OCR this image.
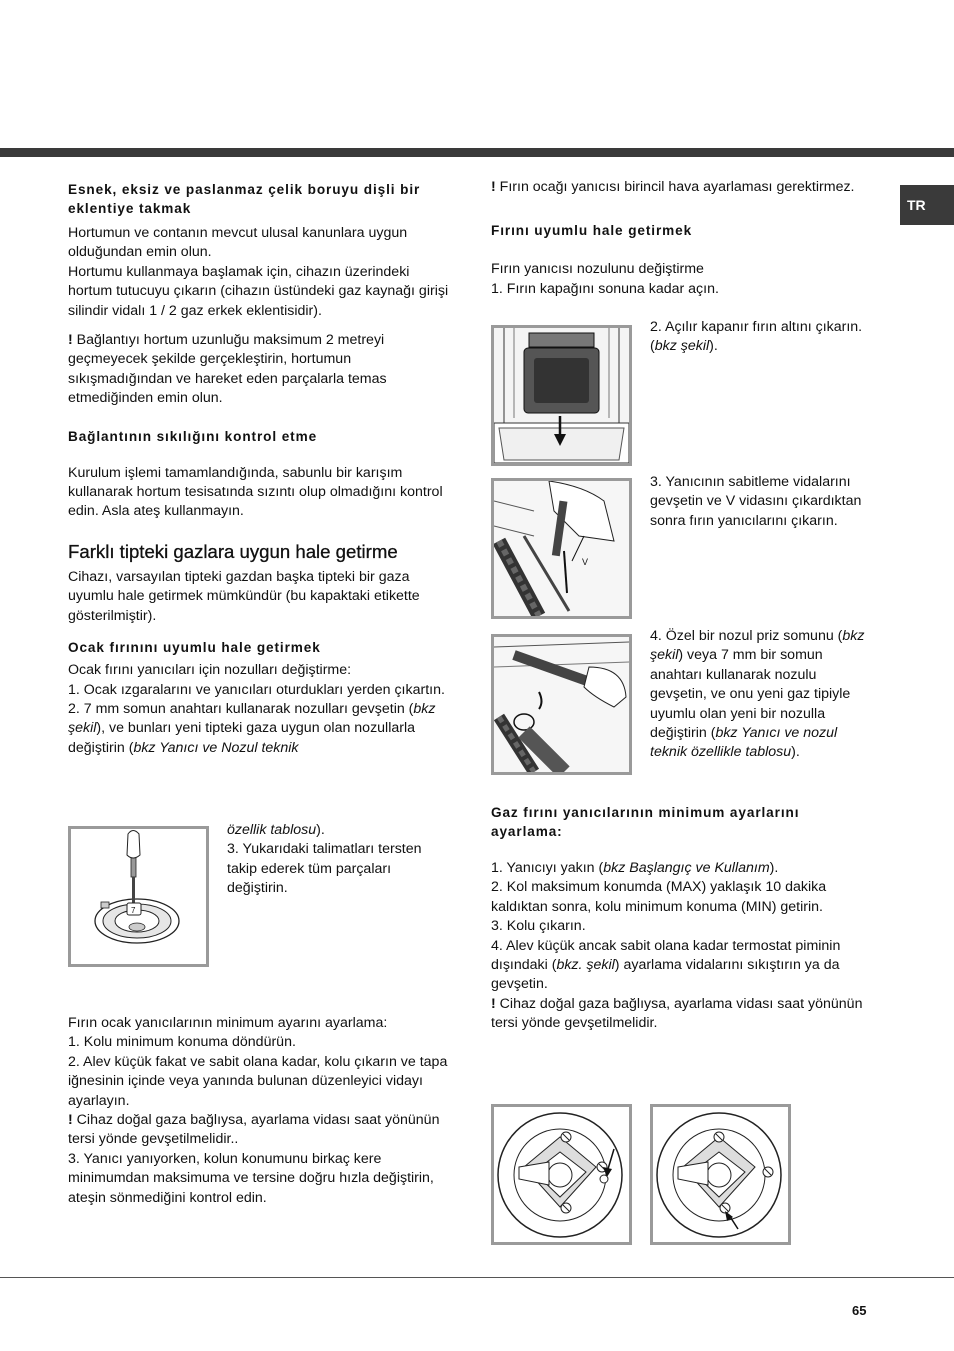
TR
Esnek, eksiz ve paslanmaz çelik boruyu dişli bir eklentiye takmak

Hortumun ve contanın mevcut ulusal kanunlara uygun olduğundan emin olun.

Hortumu kullanmaya başlamak için, cihazın üzerindeki hortum tutucuyu çıkarın (cihazın üstündeki gaz kaynağı girişi silindir vidalı 1 / 2 gaz erkek eklentisidir).

! Bağlantıyı hortum uzunluğu maksimum 2 metreyi geçmeyecek şekilde gerçekleştirin, hortumun sıkışmadığından ve hareket eden parçalarla temas etmediğinden emin olun.

Bağlantının sıkılığını kontrol etme

Kurulum işlemi tamamlandığında, sabunlu bir karışım kullanarak hortum tesisatında sızıntı olup olmadığını kontrol edin. Asla ateş kullanmayın.

Farklı tipteki gazlara uygun hale getirme

Cihazı, varsayılan tipteki gazdan başka tipteki bir gaza uyumlu hale getirmek mümkündür (bu kapaktaki etikette gösterilmiştir).

Ocak fırınını uyumlu hale getirmek

Ocak fırını yanıcıları için nozulları değiştirme:

1. Ocak ızgaralarını ve yanıcıları oturdukları yerden çıkartın.

2. 7 mm somun anahtarı kullanarak nozulları gevşetin (bkz şekil), ve bunları yeni tipteki gaza uygun olan nozullarla değiştirin (bkz Yanıcı ve Nozul teknik

özellik tablosu).

3. Yukarıdaki talimatları tersten takip ederek tüm parçaları değiştirin.

7

Fırın ocak yanıcılarının minimum ayarını ayarlama:

1. Kolu minimum konuma döndürün.

2. Alev küçük fakat ve sabit olana kadar, kolu çıkarın ve tapa iğnesinin içinde veya yanında bulunan düzenleyici vidayı ayarlayın.

! Cihaz doğal gaza bağlıysa, ayarlama vidası saat yönünün tersi yönde gevşetilmelidir..

3. Yanıcı yanıyorken, kolun konumunu birkaç kere minimumdan maksimuma ve tersine doğru hızla değiştirin, ateşin sönmediğini kontrol edin.

! Fırın ocağı yanıcısı birincil hava ayarlaması gerektirmez.

Fırını uyumlu hale getirmek

Fırın yanıcısı nozulunu değiştirme

1. Fırın kapağını sonuna kadar açın.

2. Açılır kapanır fırın altını çıkarın. (bkz şekil).

3. Yanıcının sabitleme vidalarını gevşetin ve V vidasını çıkardıktan sonra fırın yanıcılarını çıkarın.
V

4. Özel bir nozul priz somunu (bkz şekil) veya 7 mm bir somun anahtarı kullanarak nozulu gevşetin, ve onu yeni gaz tipiyle uyumlu olan yeni bir nozulla değiştirin (bkz Yanıcı ve nozul teknik özellikle tablosu).

Gaz fırını yanıcılarının minimum ayarlarını ayarlama:

1. Yanıcıyı yakın (bkz Başlangıç ve Kullanım).

2. Kol maksimum konumda (MAX) yaklaşık 10 dakika kaldıktan sonra, kolu minimum konuma (MIN) getirin.

3. Kolu çıkarın.

4. Alev küçük ancak sabit olana kadar termostat piminin dışındaki (bkz. şekil) ayarlama vidalarını sıkıştırın ya da gevşetin.

! Cihaz doğal gaza bağlıysa, ayarlama vidası saat yönünün tersi yönde gevşetilmelidir.

65
